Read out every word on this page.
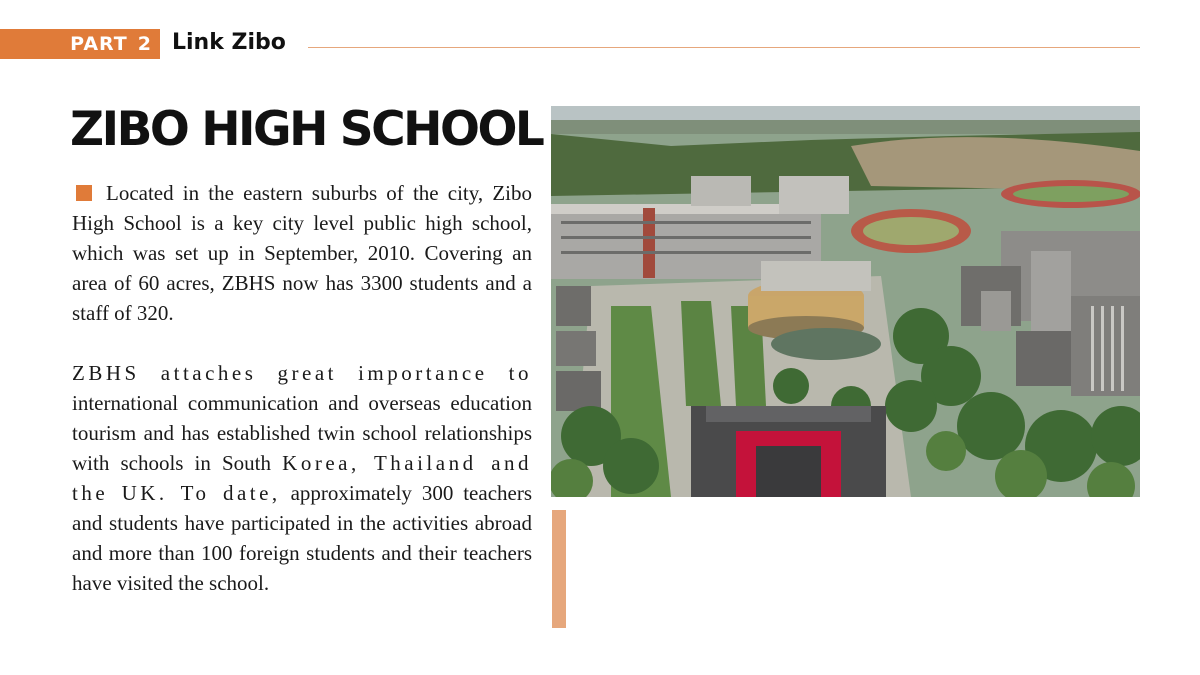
PART 2 Link Zibo
ZIBO HIGH SCHOOL

Located in the eastern suburbs of the city, Zibo High School is a key city level public high school, which was set up in September, 2010. Covering an area of 60 acres, ZBHS now has 3300 students and a staff of 320.

ZBHS attaches great importance to international communication and overseas education tourism and has established twin school relationships with schools in South Korea, Thailand and the UK. To date, approximately 300 teachers and students have participated in the activities abroad and more than 100 foreign students and their teachers have visited the school.
